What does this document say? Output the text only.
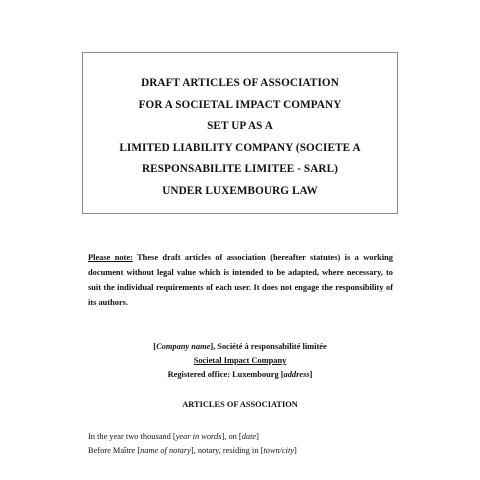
DRAFT ARTICLES OF ASSOCIATION
FOR A SOCIETAL IMPACT COMPANY
SET UP AS A
LIMITED LIABILITY COMPANY (SOCIETE A
RESPONSABILITE LIMITEE - SARL)
UNDER LUXEMBOURG LAW
Please note: These draft articles of association (hereafter statutes) is a working document without legal value which is intended to be adapted, where necessary, to suit the individual requirements of each user. It does not engage the responsibility of its authors.
[Company name], Société à responsabilité limitée
Societal Impact Company
Registered office: Luxembourg [address]
ARTICLES OF ASSOCIATION
In the year two thousand [year in words], on [date]
Before Maître [name of notary], notary, residing in [town/city]
